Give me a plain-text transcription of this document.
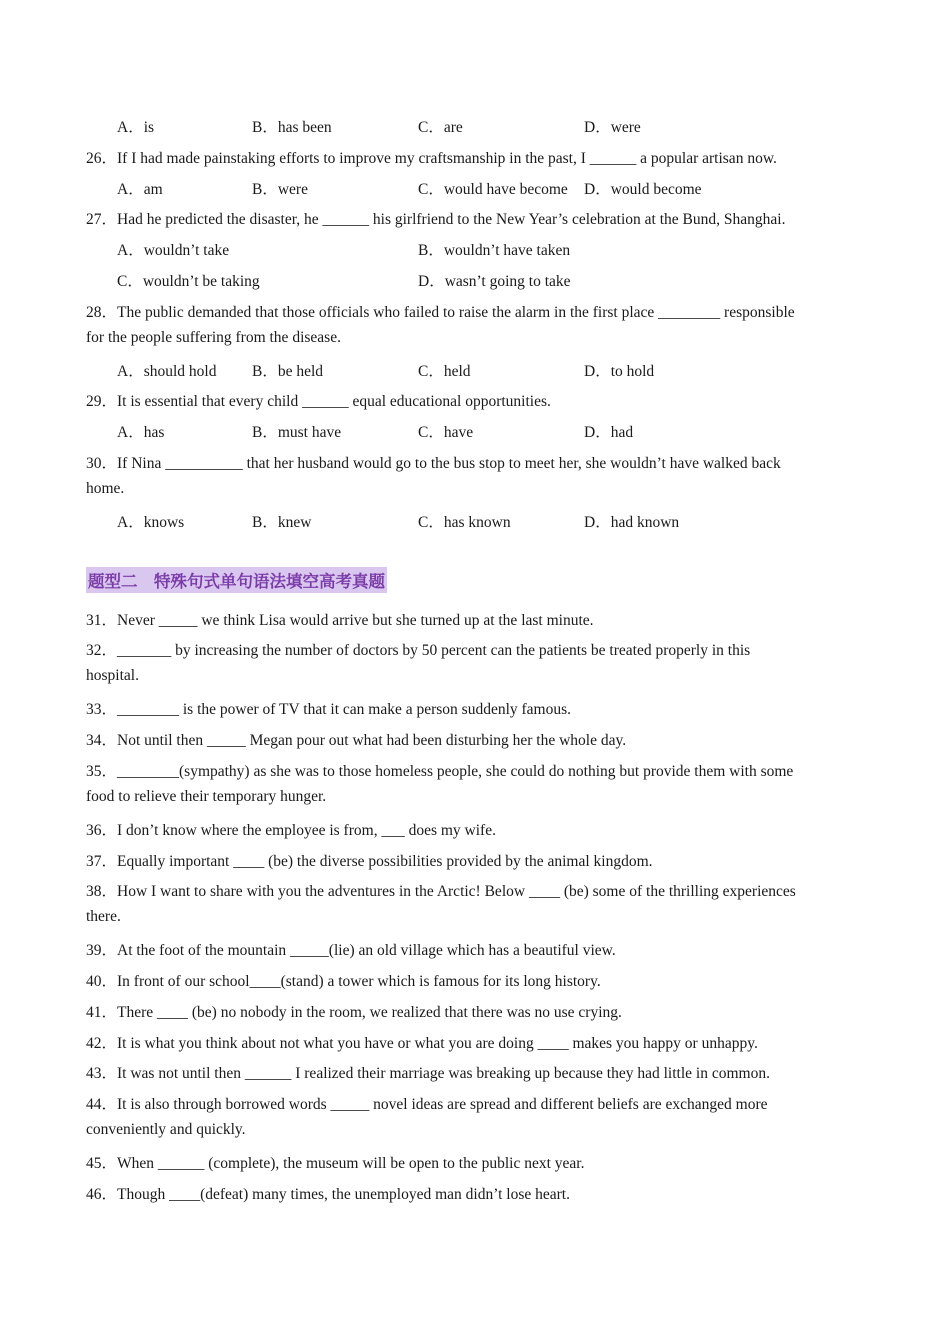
A．is	B．has been	C．are	D．were
26．If I had made painstaking efforts to improve my craftsmanship in the past, I ______ a popular artisan now.
A．am	B．were	C．would have become D．would become
27．Had he predicted the disaster, he ______ his girlfriend to the New Year’s celebration at the Bund, Shanghai.
A．wouldn’t take	B．wouldn’t have taken
C．wouldn’t be taking	D．wasn’t going to take
28．The public demanded that those officials who failed to raise the alarm in the first place ________ responsible
for the people suffering from the disease.
A．should hold B．be held	C．held	D．to hold
29．It is essential that every child ______ equal educational opportunities.
A．has	B．must have	C．have	D．had
30．If Nina __________ that her husband would go to the bus stop to meet her, she wouldn’t have walked back
home.
A．knows	B．knew	C．has known	D．had known
题型二　特殊句式单句语法填空高考真题
31．Never _____ we think Lisa would arrive but she turned up at the last minute.
32．_______ by increasing the number of doctors by 50 percent can the patients be treated properly in this
hospital.
33．________ is the power of TV that it can make a person suddenly famous.
34．Not until then _____ Megan pour out what had been disturbing her the whole day.
35．________(sympathy) as she was to those homeless people, she could do nothing but provide them with some
food to relieve their temporary hunger.
36．I don’t know where the employee is from, ___ does my wife.
37．Equally important ____ (be) the diverse possibilities provided by the animal kingdom.
38．How I want to share with you the adventures in the Arctic! Below ____ (be) some of the thrilling experiences
there.
39．At the foot of the mountain _____(lie) an old village which has a beautiful view.
40．In front of our school____(stand) a tower which is famous for its long history.
41．There ____ (be) no nobody in the room, we realized that there was no use crying.
42．It is what you think about not what you have or what you are doing ____ makes you happy or unhappy.
43．It was not until then ______ I realized their marriage was breaking up because they had little in common.
44．It is also through borrowed words _____ novel ideas are spread and different beliefs are exchanged more
conveniently and quickly.
45．When ______ (complete), the museum will be open to the public next year.
46．Though ____(defeat) many times, the unemployed man didn’t lose heart.
